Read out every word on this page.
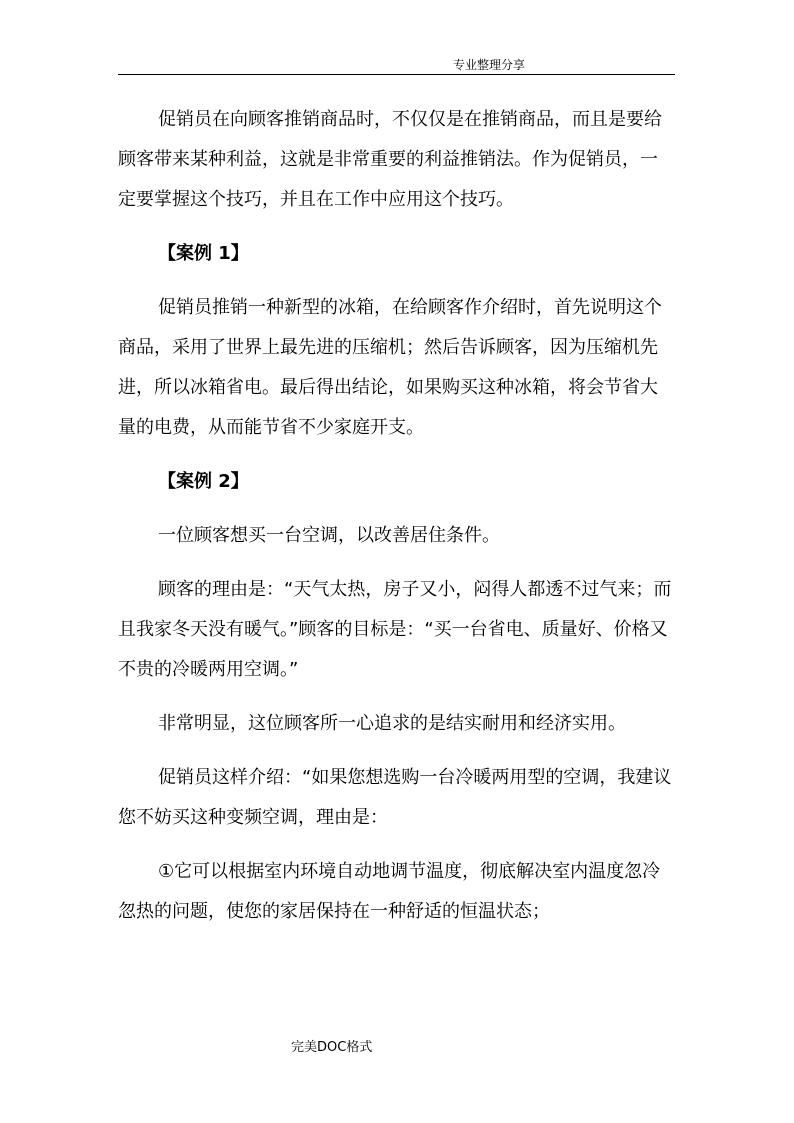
专业整理分享

促销员在向顾客推销商品时，不仅仅是在推销商品，而且是要给顾客带来某种利益，这就是非常重要的利益推销法。作为促销员，一定要掌握这个技巧，并且在工作中应用这个技巧。

【案例 1】

促销员推销一种新型的冰箱，在给顾客作介绍时，首先说明这个商品，采用了世界上最先进的压缩机；然后告诉顾客，因为压缩机先进，所以冰箱省电。最后得出结论，如果购买这种冰箱，将会节省大量的电费，从而能节省不少家庭开支。

【案例 2】

一位顾客想买一台空调，以改善居住条件。

顾客的理由是：“天气太热，房子又小，闷得人都透不过气来；而且我家冬天没有暖气。”顾客的目标是：“买一台省电、质量好、价格又不贵的冷暖两用空调。”

非常明显，这位顾客所一心追求的是结实耐用和经济实用。

促销员这样介绍：“如果您想选购一台冷暖两用型的空调，我建议您不妨买这种变频空调，理由是：

①它可以根据室内环境自动地调节温度，彻底解决室内温度忽冷忽热的问题，使您的家居保持在一种舒适的恒温状态；

完美DOC格式
